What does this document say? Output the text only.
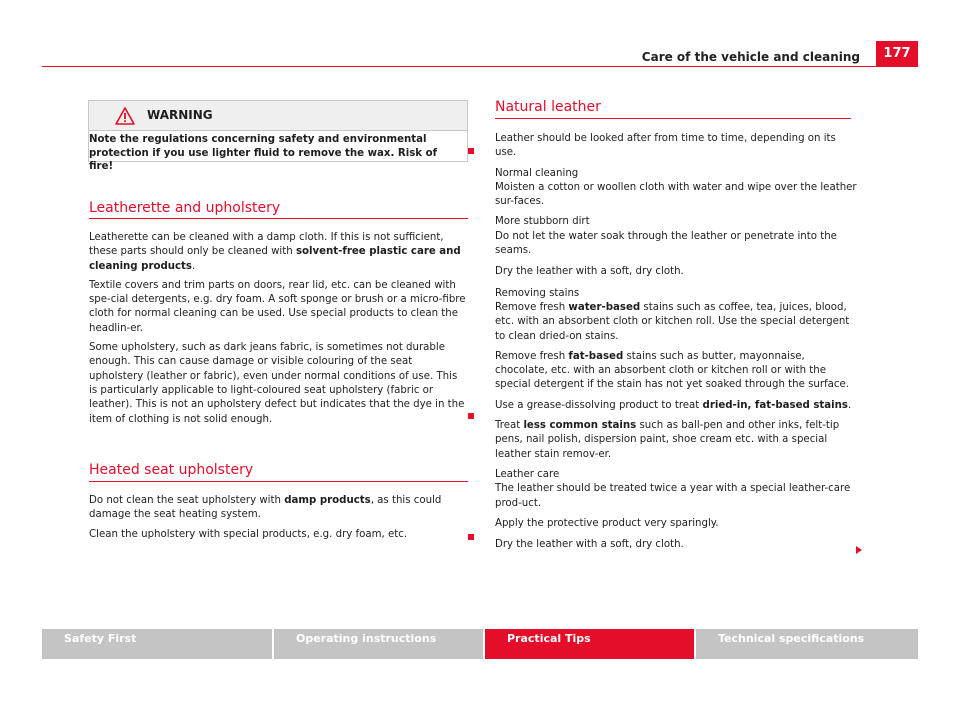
Care of the vehicle and cleaning	177
WARNING

Note the regulations concerning safety and environmental protection if you use lighter fluid to remove the wax. Risk of fire!

Leatherette and upholstery

Leatherette can be cleaned with a damp cloth. If this is not sufficient, these parts should only be cleaned with solvent-free plastic care and cleaning products.

Textile covers and trim parts on doors, rear lid, etc. can be cleaned with spe-cial detergents, e.g. dry foam. A soft sponge or brush or a micro-fibre cloth for normal cleaning can be used. Use special products to clean the headlin-er.

Some upholstery, such as dark jeans fabric, is sometimes not durable enough. This can cause damage or visible colouring of the seat upholstery (leather or fabric), even under normal conditions of use. This is particularly applicable to light-coloured seat upholstery (fabric or leather). This is not an upholstery defect but indicates that the dye in the item of clothing is not solid enough.

Heated seat upholstery

Do not clean the seat upholstery with damp products, as this could damage the seat heating system.

Clean the upholstery with special products, e.g. dry foam, etc.

Natural leather

Leather should be looked after from time to time, depending on its use.

Normal cleaning

Moisten a cotton or woollen cloth with water and wipe over the leather sur-faces.

More stubborn dirt

Do not let the water soak through the leather or penetrate into the seams.

Dry the leather with a soft, dry cloth.

Removing stains

Remove fresh water-based stains such as coffee, tea, juices, blood, etc. with an absorbent cloth or kitchen roll. Use the special detergent to clean dried-on stains.

Remove fresh fat-based stains such as butter, mayonnaise, chocolate, etc. with an absorbent cloth or kitchen roll or with the special detergent if the stain has not yet soaked through the surface.

Use a grease-dissolving product to treat dried-in, fat-based stains.

Treat less common stains such as ball-pen and other inks, felt-tip pens, nail polish, dispersion paint, shoe cream etc. with a special leather stain remov-er.

Leather care

The leather should be treated twice a year with a special leather-care prod-uct.

Apply the protective product very sparingly.

Dry the leather with a soft, dry cloth.

Safety First	Operating instructions	Practical Tips	Technical specifications
